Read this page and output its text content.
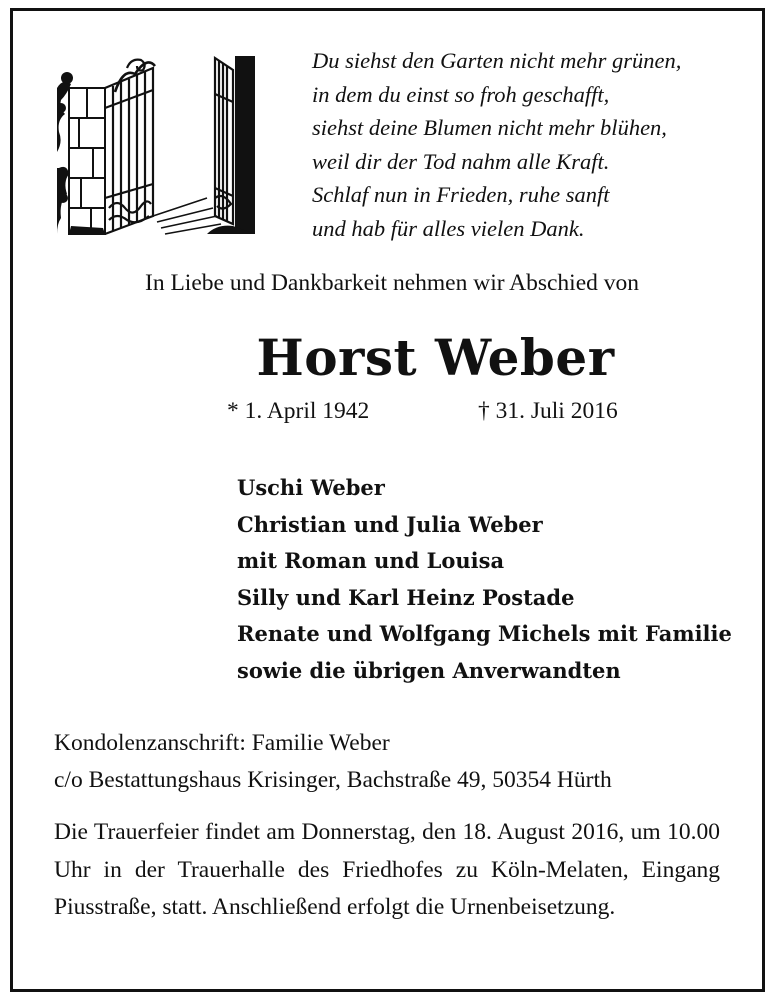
Du siehst den Garten nicht mehr grünen,
in dem du einst so froh geschafft,
siehst deine Blumen nicht mehr blühen,
weil dir der Tod nahm alle Kraft.
Schlaf nun in Frieden, ruhe sanft
und hab für alles vielen Dank.
In Liebe und Dankbarkeit nehmen wir Abschied von
Horst Weber
* 1. April 1942	† 31. Juli 2016
Uschi Weber
Christian und Julia Weber
mit Roman und Louisa
Silly und Karl Heinz Postade
Renate und Wolfgang Michels mit Familie
sowie die übrigen Anverwandten
Kondolenzanschrift: Familie Weber
c/o Bestattungshaus Krisinger, Bachstraße 49, 50354 Hürth

Die Trauerfeier findet am Donnerstag, den 18. August 2016, um 10.00 Uhr in der Trauerhalle des Friedhofes zu Köln-Melaten, Eingang Piusstraße, statt. Anschließend erfolgt die Urnenbeisetzung.
